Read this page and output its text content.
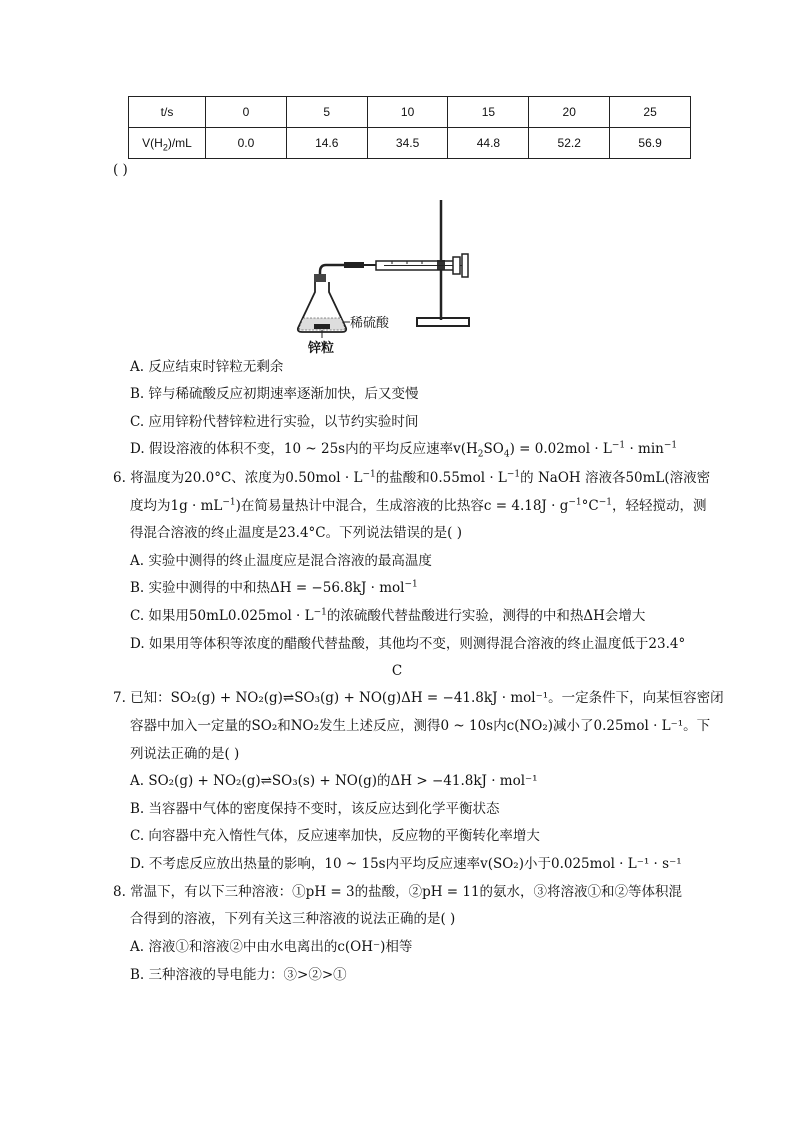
t/s	0	5	10	15	20	25
$V(H_2)/mL$	0.0	14.6	34.5	44.8	52.2	56.9
( )
稀硫酸
锌粒
A. 反应结束时锌粒无剩余
B. 锌与稀硫酸反应初期速率逐渐加快，后又变慢
C. 应用锌粉代替锌粒进行实验，以节约实验时间
D. 假设溶液的体积不变，10 ~ 25s内的平均反应速率$v(H_2SO_4) = 0.02mol \cdot L^{-1} \cdot \min^{-1}$
6. 将温度为20.0°C、浓度为$0.50mol \cdot L^{-1}$的盐酸和$0.55mol \cdot L^{-1}$的 NaOH 溶液各50mL(溶液密
度均为$1g \cdot mL^{-1}$)在简易量热计中混合，生成溶液的比热容$c = 4.18J \cdot g^{-1}^\circ C^{-1}$，轻轻搅动，测
得混合溶液的终止温度是23.4°C。下列说法错误的是( )
A. 实验中测得的终止温度应是混合溶液的最高温度
B. 实验中测得的中和热ΔH = −56.8kJ · mol$^{-1}$
C. 如果用$50mL0.025mol \cdot L^{-1}$的浓硫酸代替盐酸进行实验，测得的中和热ΔH会增大
D. 如果用等体积等浓度的醋酸代替盐酸，其他均不变，则测得混合溶液的终止温度低于23.4°
C
7. 已知：SO₂(g) + NO₂(g)⇌SO₃(g) + NO(g)ΔH = −41.8kJ · mol⁻¹。一定条件下，向某恒容密闭
容器中加入一定量的SO₂和NO₂发生上述反应，测得0 ~ 10s内c(NO₂)减小了0.25mol · L⁻¹。下
列说法正确的是( )
A. SO₂(g) + NO₂(g)⇌SO₃(s) + NO(g)的ΔH > −41.8kJ · mol⁻¹
B. 当容器中气体的密度保持不变时，该反应达到化学平衡状态
C. 向容器中充入惰性气体，反应速率加快，反应物的平衡转化率增大
D. 不考虑反应放出热量的影响，10 ~ 15s内平均反应速率v(SO₂)小于0.025mol · L⁻¹ · s⁻¹
8. 常温下，有以下三种溶液：①pH = 3的盐酸，②pH = 11的氨水，③将溶液①和②等体积混
合得到的溶液，下列有关这三种溶液的说法正确的是( )
A. 溶液①和溶液②中由水电离出的c(OH⁻)相等
B. 三种溶液的导电能力：③>②>①
